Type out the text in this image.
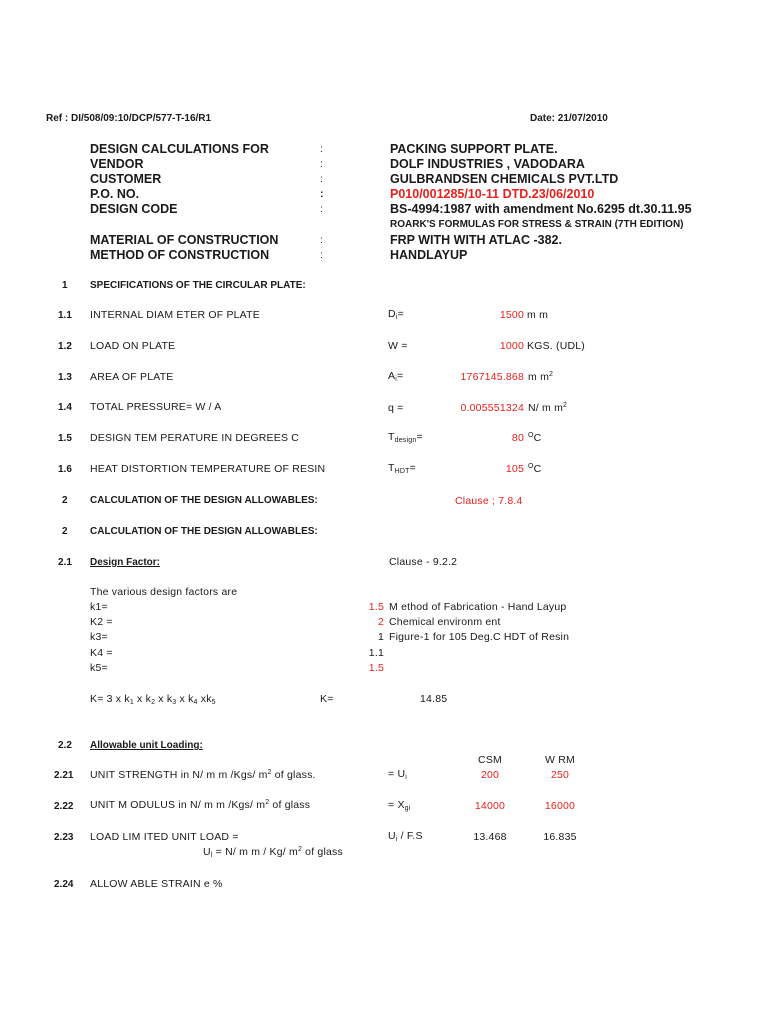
Ref : DI/508/09:10/DCP/577-T-16/R1	Date: 21/07/2010
DESIGN CALCULATIONS FOR	:	PACKING SUPPORT PLATE.
VENDOR	:	DOLF INDUSTRIES , VADODARA
CUSTOMER	:	GULBRANDSEN CHEMICALS PVT.LTD
P.O. NO.	:	P010/001285/10-11 DTD.23/06/2010
DESIGN CODE	:	BS-4994:1987 with amendment No.6295 dt.30.11.95
ROARK'S FORMULAS FOR STRESS & STRAIN (7TH EDITION)
MATERIAL OF CONSTRUCTION	:	FRP WITH WITH ATLAC -382.
METHOD OF CONSTRUCTION	:	HANDLAYUP
1 SPECIFICATIONS OF THE CIRCULAR PLATE:
1.1 INTERNAL DIAM ETER OF PLATE	$D_i=$	1500 m m
1.2 LOAD ON PLATE	W =	1000 KGS. (UDL)
1.3 AREA OF PLATE	$A_i=$	1767145.868 m $m^2$
1.4 TOTAL PRESSURE= W / A	q =	0.005551324 N/ m $m^2$
1.5 DESIGN TEM PERATURE IN DEGREES C	$T_{design}=$	80 $^O$C
1.6 HEAT DISTORTION TEMPERATURE OF RESIN	$T_{HDT}=$	105 $^O$C
2 CALCULATION OF THE DESIGN ALLOWABLES:	Clause ; 7.8.4
2 CALCULATION OF THE DESIGN ALLOWABLES:
2.1 Design Factor:	Clause - 9.2.2
The various design factors are
k1=	1.5 M ethod of Fabrication - Hand Layup
K2 =	2 Chemical environm ent
k3=	1 Figure-1 for 105 Deg.C HDT of Resin
K4 =	1.1
k5=	1.5
K= 3 x $k_1$ x $k_2$ x $k_3$ x $k_4$ $xk_5$	K=	14.85
2.2 Allowable unit Loading:
CSM	W RM
2.21 UNIT STRENGTH in N/ m m /Kgs/ $m^2$ of glass.	= $U_i$	200	250
2.22 UNIT M ODULUS in N/ m m /Kgs/ $m^2$ of glass	= $X_{gi}$	14000	16000
2.23 LOAD LIM ITED UNIT LOAD =	$U_i / F.S$	13.468	16.835
$U_l = N/$ m m / Kg/ $m^2$ of glass
2.24 ALLOW ABLE STRAIN e %
